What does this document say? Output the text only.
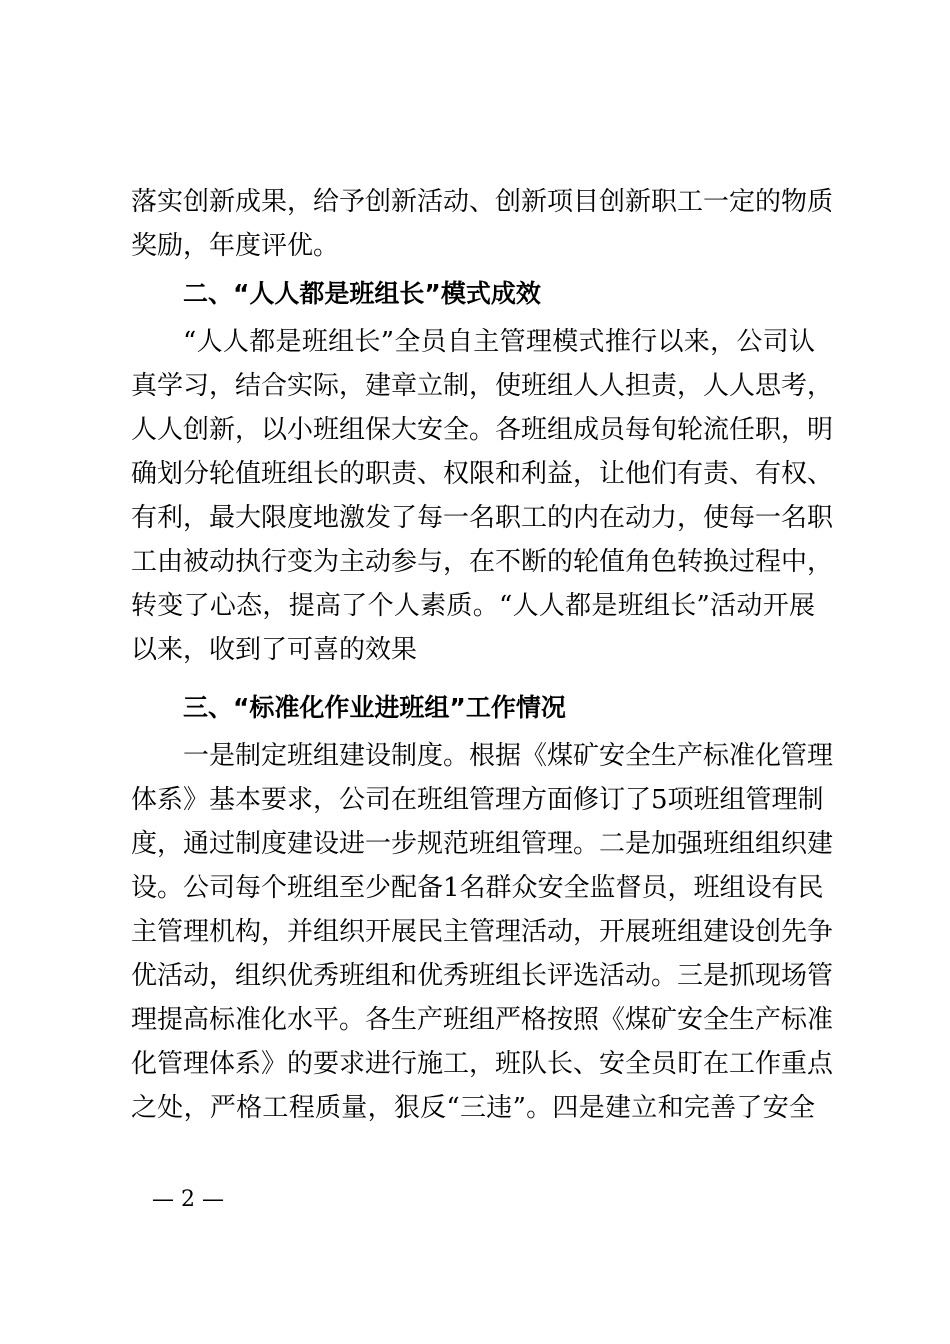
落实创新成果，给予创新活动、创新项目创新职工一定的物质
奖励，年度评优。
二、“人人都是班组长”模式成效
“人人都是班组长”全员自主管理模式推行以来，公司认
真学习，结合实际，建章立制，使班组人人担责，人人思考，
人人创新，以小班组保大安全。各班组成员每旬轮流任职，明
确划分轮值班组长的职责、权限和利益，让他们有责、有权、
有利，最大限度地激发了每一名职工的内在动力，使每一名职
工由被动执行变为主动参与，在不断的轮值角色转换过程中，
转变了心态，提高了个人素质。“人人都是班组长”活动开展
以来，收到了可喜的效果
三、“标准化作业进班组”工作情况
一是制定班组建设制度。根据《煤矿安全生产标准化管理
体系》基本要求，公司在班组管理方面修订了5项班组管理制
度，通过制度建设进一步规范班组管理。二是加强班组组织建
设。公司每个班组至少配备1名群众安全监督员，班组设有民
主管理机构，并组织开展民主管理活动，开展班组建设创先争
优活动，组织优秀班组和优秀班组长评选活动。三是抓现场管
理提高标准化水平。各生产班组严格按照《煤矿安全生产标准
化管理体系》的要求进行施工，班队长、安全员盯在工作重点
之处，严格工程质量，狠反“三违”。四是建立和完善了安全
— 2 —
